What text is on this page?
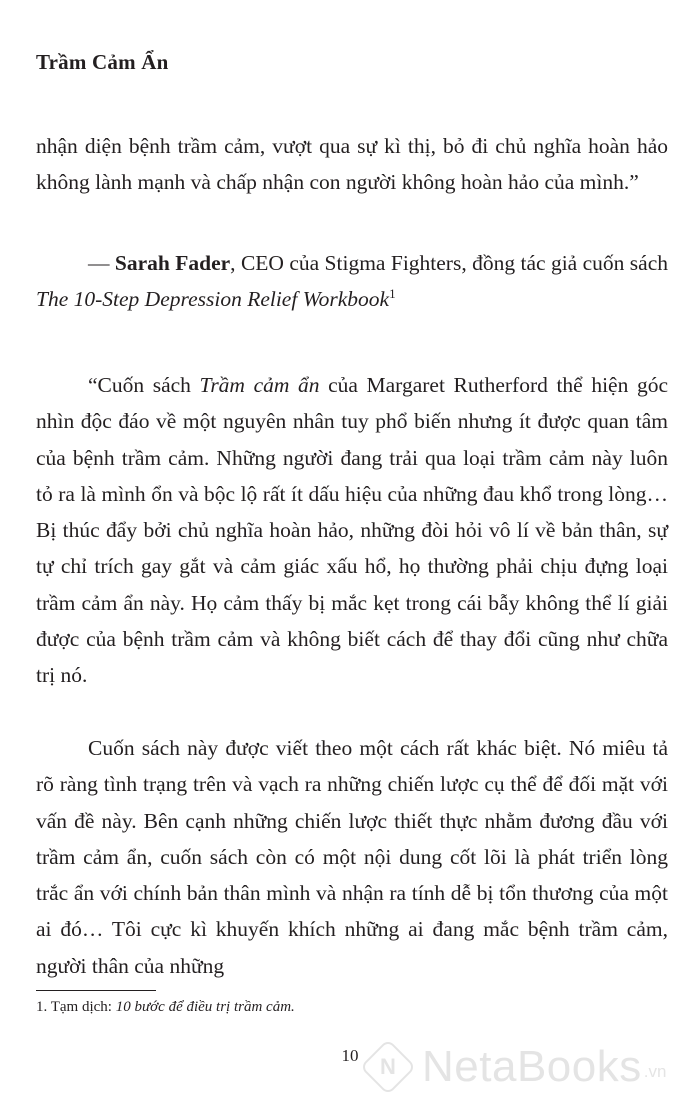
Trầm Cảm Ẩn
nhận diện bệnh trầm cảm, vượt qua sự kì thị, bỏ đi chủ nghĩa hoàn hảo không lành mạnh và chấp nhận con người không hoàn hảo của mình.”
— Sarah Fader, CEO của Stigma Fighters, đồng tác giả cuốn sách The 10-Step Depression Relief Workbook$^1$
“Cuốn sách Trầm cảm ẩn của Margaret Rutherford thể hiện góc nhìn độc đáo về một nguyên nhân tuy phổ biến nhưng ít được quan tâm của bệnh trầm cảm. Những người đang trải qua loại trầm cảm này luôn tỏ ra là mình ổn và bộc lộ rất ít dấu hiệu của những đau khổ trong lòng… Bị thúc đẩy bởi chủ nghĩa hoàn hảo, những đòi hỏi vô lí về bản thân, sự tự chỉ trích gay gắt và cảm giác xấu hổ, họ thường phải chịu đựng loại trầm cảm ẩn này. Họ cảm thấy bị mắc kẹt trong cái bẫy không thể lí giải được của bệnh trầm cảm và không biết cách để thay đổi cũng như chữa trị nó.
Cuốn sách này được viết theo một cách rất khác biệt. Nó miêu tả rõ ràng tình trạng trên và vạch ra những chiến lược cụ thể để đối mặt với vấn đề này. Bên cạnh những chiến lược thiết thực nhằm đương đầu với trầm cảm ẩn, cuốn sách còn có một nội dung cốt lõi là phát triển lòng trắc ẩn với chính bản thân mình và nhận ra tính dễ bị tổn thương của một ai đó… Tôi cực kì khuyến khích những ai đang mắc bệnh trầm cảm, người thân của những
1. Tạm dịch: 10 bước để điều trị trầm cảm.
10 N NetaBooks .vn
